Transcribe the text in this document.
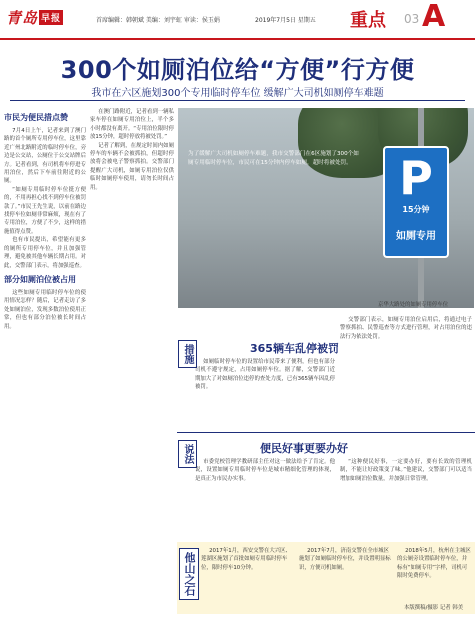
青岛 早报	首席编辑：韩朝斌 美编：刘宇虹 审读：侯玉娟	2019年7月5日 星期五 重点 03 A
300个如厕泊位给“方便”行方便
我市在六区施划300个专用临时停车位 缓解广大司机如厕停车难题
市民为便民措点赞

7月4日上午，记者来到了澳门路的首个厕所专用停车位，这里靠近广州北路附近的临时停车位，旁边是公交站，公厕位于公交站牌后方。记者看到，有司机将车停进专用泊位，然后下车前往附近的公厕。

“如厕专用临时停车位挺方便的，不用再担心找不到停车位被罚款了。”市民王先生说，以前在路边找停车位如厕非常麻烦，现在有了专用泊位，方便了不少，这样的措施值得点赞。

也有市民提出，希望能有更多的厕所专用停车位，并且加强管理，避免被其他车辆长期占用。对此，交警部门表示，将加强巡查。

部分如厕泊位被占用

这些如厕专用临时停车位的使用情况怎样？随后，记者走访了多处如厕泊位，发现多数泊位使用正常，但也有部分泊位被长时间占用。

在澳门路附近，记者看到一辆私家车停在如厕专用泊位上，半个多小时都没有离开。“专用泊位限时停放15分钟，超时停放将被处罚。”

记者了解到，在规定时间内如厕停车的车辆不会被抓拍，但超时停放将会被电子警察抓拍。交警部门提醒广大司机，如厕专用泊位仅供临时如厕停车使用，请勿长时间占用。	P
15分钟
如厕专用
为了缓解广大司机如厕停车难题，我市交警部门在6区施划了300个如厕专用临时停车位，市民可在15分钟内停车如厕，超时将被处罚。
京华大路处的如厕专用停车位
措施	365辆车乱停被罚

如厕临时停车位的设置给市民带来了便利，但也有部分司机不遵守规定，占用如厕停车位。据了解，交警部门近期加大了对如厕泊位违停的查处力度，已有365辆车因乱停被罚。

交警部门表示，如厕专用泊位启用后，将通过电子警察抓拍、民警巡查等方式进行管理，对占用泊位的违法行为依法处罚。

说法	便民好事更要办好

市委党校管理学教研部主任对这一做法给予了肯定。他说，设置如厕专用临时停车位是城市精细化管理的体现，是真正为市民办实事。

“这种便民好事，一定要办好，要有长效的管理机制，不能让好政策变了味。”他建议，交警部门可以适当增加如厕泊位数量，并加强日常管理。

他山之石

2017年1月，西安交警在大兴区、莲湖区施划了首批如厕专用临时停车位，限时停车10分钟。

2017年7月，济南交警在全市城区施划了如厕临时停车位，并设置明显标识，方便司机如厕。

2018年5月，杭州在主城区的公厕旁设置临时停车位，并标有“如厕专用”字样，司机可限时免费停车。

本版撰稿/摄影 记者 韩美
